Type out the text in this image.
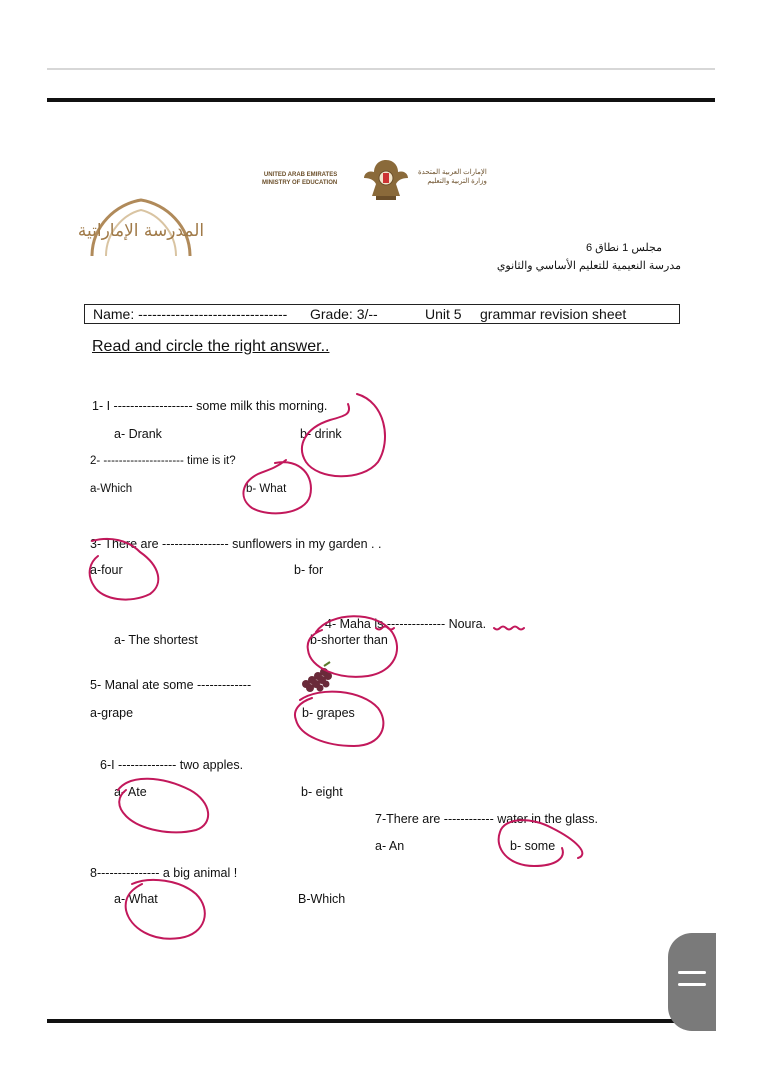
UNITED ARAB EMIRATES
MINISTRY OF EDUCATION
الإمارات العربية المتحدة
وزارة التربية والتعليم
المدرسة الإماراتية
مجلس 1 نطاق 6
مدرسة النعيمية للتعليم الأساسي والثانوي
Name: -------------------------------- Grade: 3/--	Unit 5 grammar revision sheet
Read and circle the right answer..
1- I ------------------- some milk this morning.
a- Drank	b- drink
2- --------------------- time is it?
a-Which	b- What
3- There are ---------------- sunflowers in my garden . .
a-four	b- for
4- Maha is -------------- Noura.
a- The shortest	b-shorter than
5- Manal ate some -------------
a-grape	b- grapes
6-I -------------- two apples.
a- Ate	b- eight
7-There are ------------ water in the glass.
a- An	b- some
8--------------- a big animal !
a- What	B-Which
